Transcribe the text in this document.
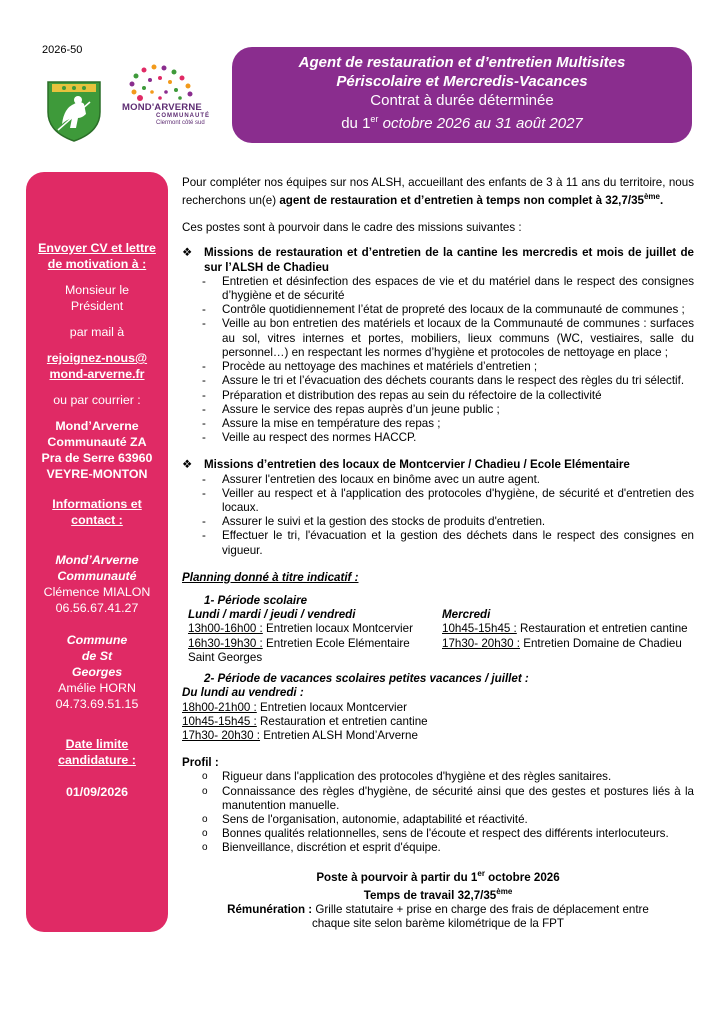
2026-50
MOND'ARVERNE
COMMUNAUTÉ
Clermont côté sud
Agent de restauration et d’entretien Multisites
Périscolaire et Mercredis-Vacances
Contrat à durée déterminée
du 1er octobre 2026 au 31 août 2027

Envoyer CV et lettre de motivation à :

Monsieur le Président

par mail à

rejoignez-nous@mond-arverne.fr

ou par courrier :

Mond’Arverne Communauté ZA Pra de Serre 63960 VEYRE-MONTON

Informations et contact :

Mond’Arverne Communauté

Clémence MIALON

06.56.67.41.27

Commune de St Georges

Amélie HORN

04.73.69.51.15

Date limite candidature :

01/09/2026

Pour compléter nos équipes sur nos ALSH, accueillant des enfants de 3 à 11 ans du territoire, nous recherchons un(e) agent de restauration et d’entretien à temps non complet à 32,7/35ème.

Ces postes sont à pourvoir dans le cadre des missions suivantes :

❖ Missions de restauration et d’entretien de la cantine les mercredis et mois de juillet de sur l’ALSH de Chadieu
- Entretien et désinfection des espaces de vie et du matériel dans le respect des consignes d’hygiène et de sécurité
- Contrôle quotidiennement l’état de propreté des locaux de la communauté de communes ;
- Veille au bon entretien des matériels et locaux de la Communauté de communes : surfaces au sol, vitres internes et portes, mobiliers, lieux communs (WC, vestiaires, salle du personnel…) en respectant les normes d’hygiène et protocoles de nettoyage en place ;
- Procède au nettoyage des machines et matériels d’entretien ;
- Assure le tri et l’évacuation des déchets courants dans le respect des règles du tri sélectif.
- Préparation et distribution des repas au sein du réfectoire de la collectivité
- Assure le service des repas auprès d’un jeune public ;
- Assure la mise en température des repas ;
- Veille au respect des normes HACCP.
❖ Missions d’entretien des locaux de Montcervier / Chadieu / Ecole Elémentaire
- Assurer l'entretien des locaux en binôme avec un autre agent.
- Veiller au respect et à l'application des protocoles d'hygiène, de sécurité et d'entretien des locaux.
- Assurer le suivi et la gestion des stocks de produits d'entretien.
- Effectuer le tri, l'évacuation et la gestion des déchets dans le respect des consignes en vigueur.

Planning donné à titre indicatif :

1- Période scolaire

Lundi / mardi / jeudi / vendredi

13h00-16h00 : Entretien locaux Montcervier

16h30-19h30 : Entretien Ecole Elémentaire Saint Georges

Mercredi

10h45-15h45 : Restauration et entretien cantine

17h30- 20h30 : Entretien Domaine de Chadieu

2- Période de vacances scolaires petites vacances / juillet :

Du lundi au vendredi :

18h00-21h00 : Entretien locaux Montcervier

10h45-15h45 : Restauration et entretien cantine

17h30- 20h30 : Entretien ALSH Mond’Arverne

Profil :

o Rigueur dans l'application des protocoles d'hygiène et des règles sanitaires.
o Connaissance des règles d'hygiène, de sécurité ainsi que des gestes et postures liés à la manutention manuelle.
o Sens de l'organisation, autonomie, adaptabilité et réactivité.
o Bonnes qualités relationnelles, sens de l'écoute et respect des différents interlocuteurs.
o Bienveillance, discrétion et esprit d'équipe.

Poste à pourvoir à partir du 1er octobre 2026

Temps de travail 32,7/35ème

Rémunération : Grille statutaire + prise en charge des frais de déplacement entre chaque site selon barème kilométrique de la FPT
